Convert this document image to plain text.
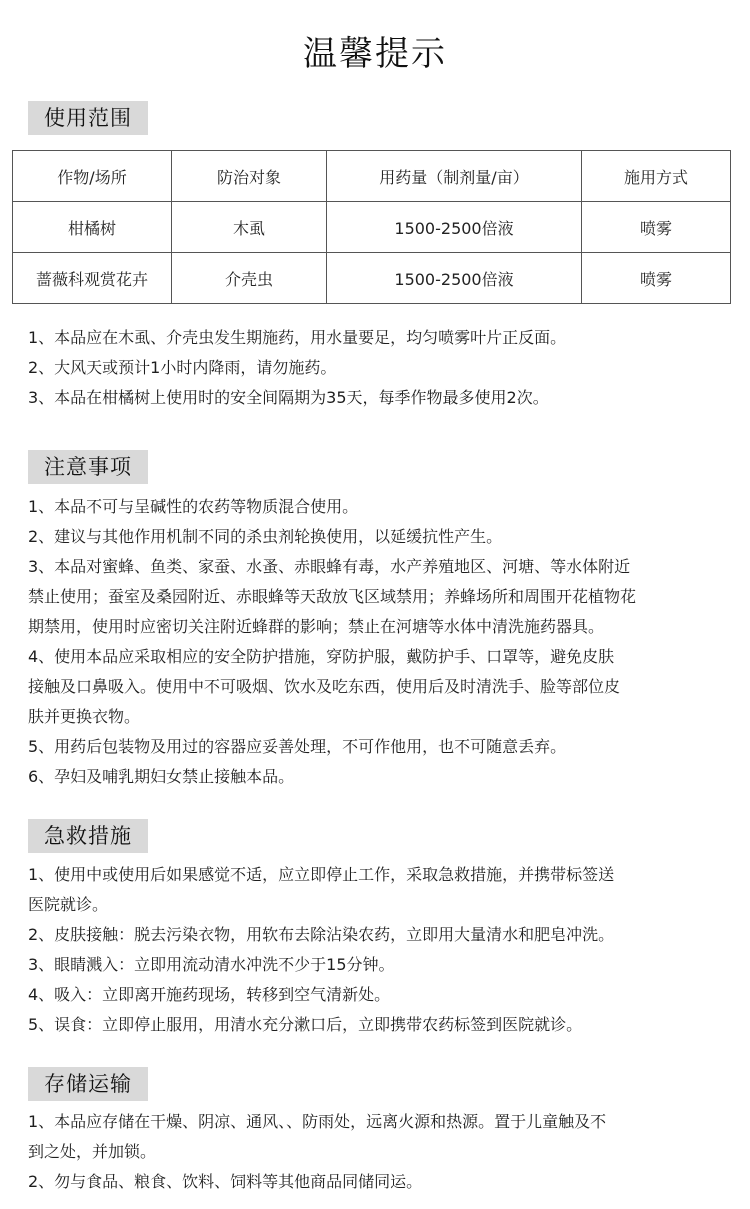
温馨提示
使用范围
作物/场所	防治对象	用药量（制剂量/亩）	施用方式
柑橘树	木虱	1500-2500倍液	喷雾
蔷薇科观赏花卉	介壳虫	1500-2500倍液	喷雾
1、本品应在木虱、介壳虫发生期施药，用水量要足，均匀喷雾叶片正反面。
2、大风天或预计1小时内降雨，请勿施药。
3、本品在柑橘树上使用时的安全间隔期为35天，每季作物最多使用2次。
注意事项
1、本品不可与呈碱性的农药等物质混合使用。
2、建议与其他作用机制不同的杀虫剂轮换使用，以延缓抗性产生。
3、本品对蜜蜂、鱼类、家蚕、水蚤、赤眼蜂有毒，水产养殖地区、河塘、等水体附近
禁止使用；蚕室及桑园附近、赤眼蜂等天敌放飞区域禁用；养蜂场所和周围开花植物花
期禁用，使用时应密切关注附近蜂群的影响；禁止在河塘等水体中清洗施药器具。
4、使用本品应采取相应的安全防护措施，穿防护服，戴防护手、口罩等，避免皮肤
接触及口鼻吸入。使用中不可吸烟、饮水及吃东西，使用后及时清洗手、脸等部位皮
肤并更换衣物。
5、用药后包装物及用过的容器应妥善处理，不可作他用，也不可随意丢弃。
6、孕妇及哺乳期妇女禁止接触本品。
急救措施
1、使用中或使用后如果感觉不适，应立即停止工作，采取急救措施，并携带标签送
医院就诊。
2、皮肤接触：脱去污染衣物，用软布去除沾染农药，立即用大量清水和肥皂冲洗。
3、眼睛溅入：立即用流动清水冲洗不少于15分钟。
4、吸入：立即离开施药现场，转移到空气清新处。
5、误食：立即停止服用，用清水充分漱口后，立即携带农药标签到医院就诊。
存储运输
1、本品应存储在干燥、阴凉、通风、、防雨处，远离火源和热源。置于儿童触及不
到之处，并加锁。
2、勿与食品、粮食、饮料、饲料等其他商品同储同运。
